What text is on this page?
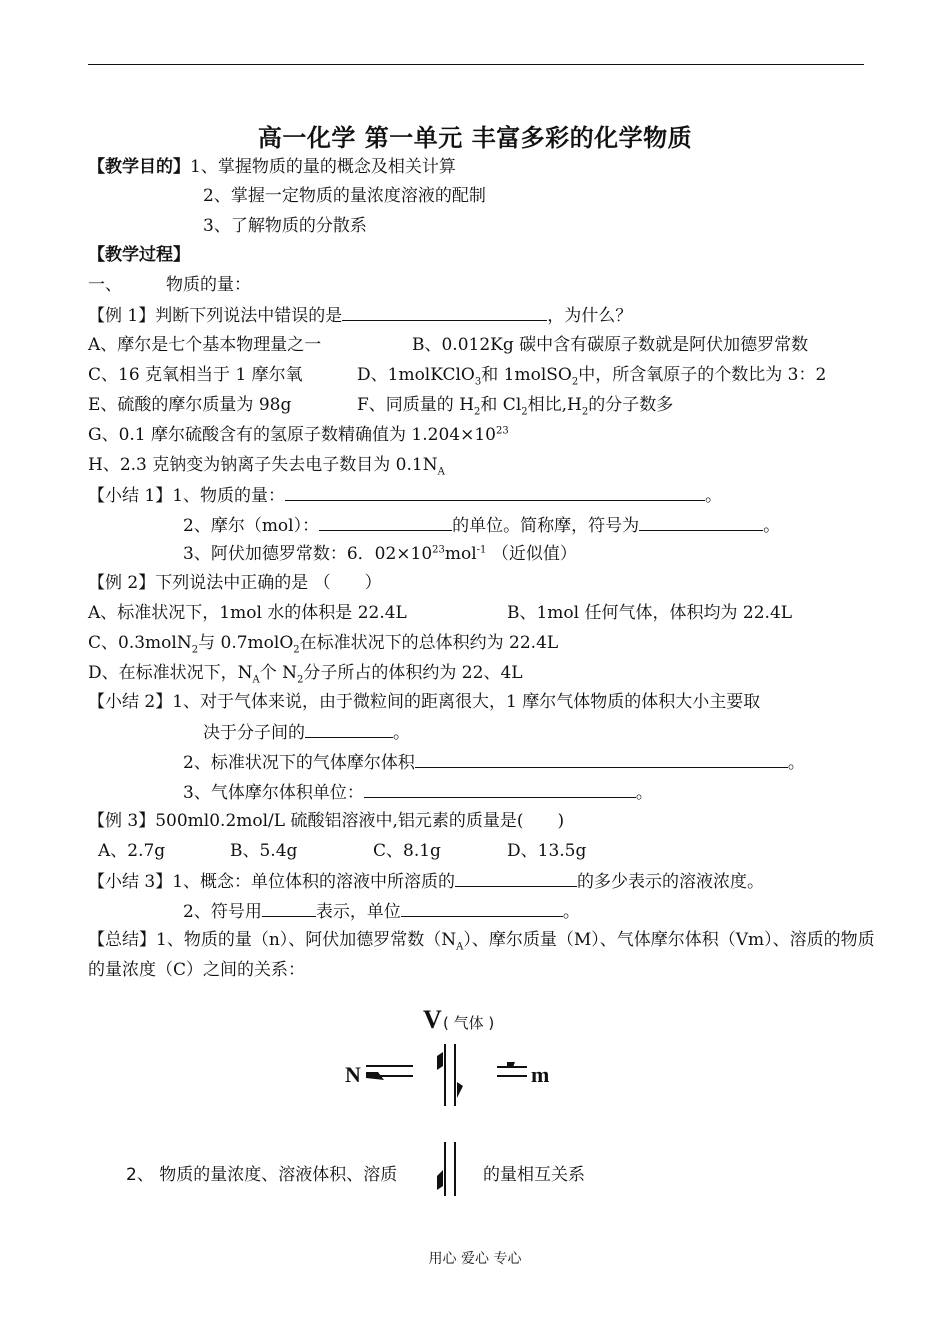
高一化学 第一单元 丰富多彩的化学物质
【教学目的】1、掌握物质的量的概念及相关计算
2、掌握一定物质的量浓度溶液的配制
3、了解物质的分散系
【教学过程】
一、	物质的量：
【例 1】判断下列说法中错误的是	，为什么？
A、摩尔是七个基本物理量之一	B、0.012Kg 碳中含有碳原子数就是阿伏加德罗常数
C、16 克氧相当于 1 摩尔氧	D、1molKClO$_3$和 1molSO$_2$中，所含氧原子的个数比为 3：2
E、硫酸的摩尔质量为 98g	F、同质量的 $H_2$和 $Cl_2$相比$,H_2$的分子数多
G、0.1 摩尔硫酸含有的氢原子数精确值为 $1.204\times 10^{23}$
H、2.3 克钠变为钠离子失去电子数目为 $0.1N_A$
【小结 1】1、物质的量：	。
2、摩尔（mol）：	的单位。简称摩，符号为	。
3、阿伏加德罗常数：6．$02\times 10^{23}mol^{-1}$ （近似值）
【例 2】下列说法中正确的是 （　　）
A、标准状况下，1mol 水的体积是 22.4L	B、1mol 任何气体，体积均为 22.4L
C、0.3molN$_2$与 0.7molO$_2$在标准状况下的总体积约为 22.4L
D、在标准状况下，$N_A$个 $N_2$分子所占的体积约为 22、4L
【小结 2】1、对于气体来说，由于微粒间的距离很大，1 摩尔气体物质的体积大小主要取
决于分子间的	。
2、标准状况下的气体摩尔体积	。
3、气体摩尔体积单位：	。
【例 3】500ml0.2mol/L 硫酸铝溶液中,铝元素的质量是(　　)
A、2.7g	B、5.4g	C、8.1g	D、13.5g
【小结 3】1、概念：单位体积的溶液中所溶质的	的多少表示的溶液浓度。
2、符号用	表示，单位	。
【总结】1、物质的量（n）、阿伏加德罗常数$(N_A)$、摩尔质量（M）、气体摩尔体积（Vm）、溶质的物质
的量浓度（C）之间的关系：
V ( 气体 )
N	m
2、 物质的量浓度、溶液体积、溶质	的量相互关系
用心 爱心 专心
